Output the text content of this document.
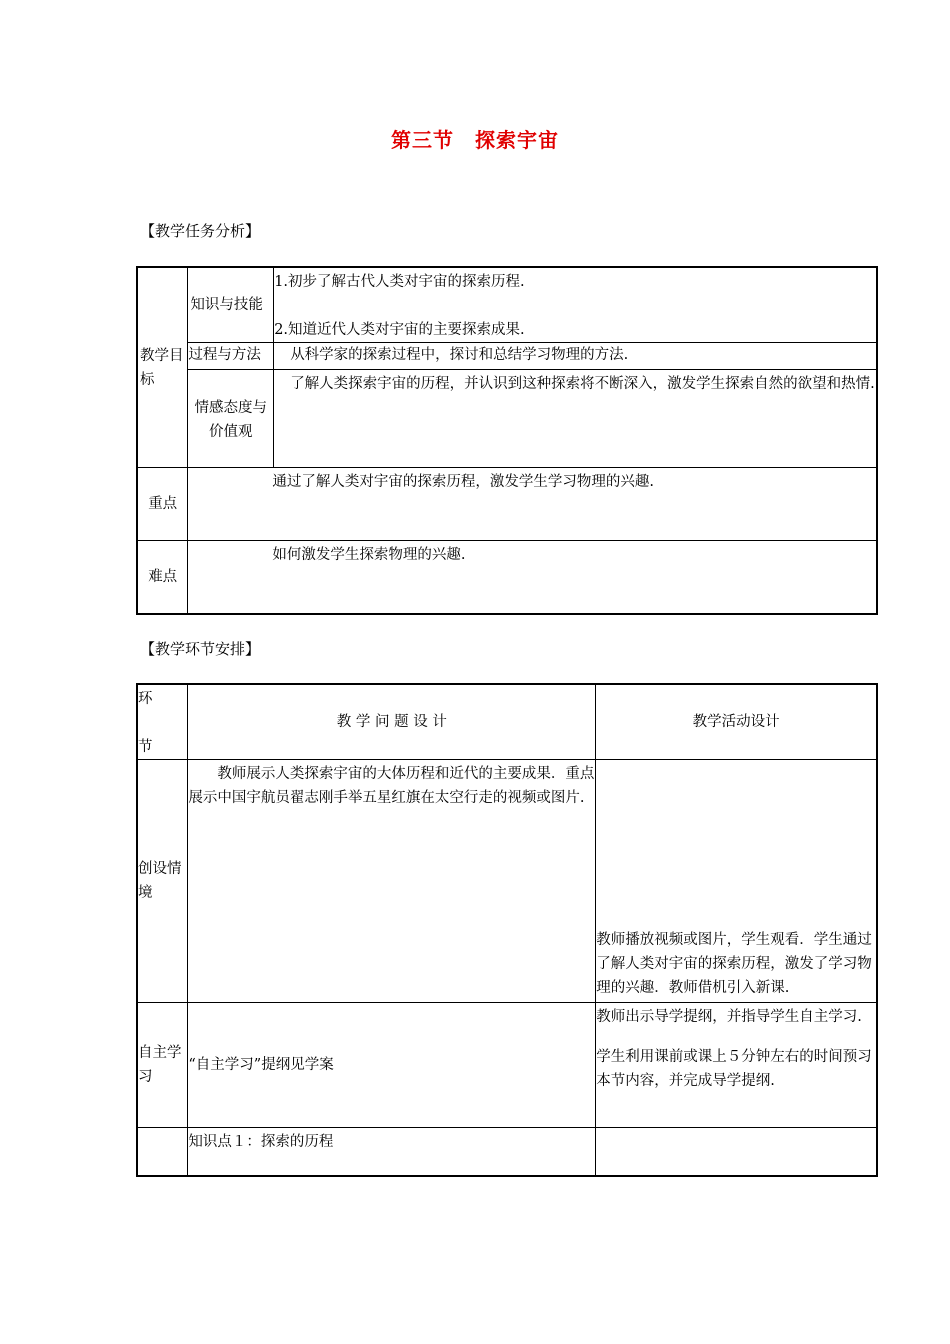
第三节　探索宇宙
【教学任务分析】
教学目标	知识与技能	1.初步了解古代人类对宇宙的探索历程.

2.知道近代人类对宇宙的主要探索成果.

	过程与方法	从科学家的探索过程中，探讨和总结学习物理的方法.

	情感态度与价值观	了解人类探索宇宙的历程，并认识到这种探索将不断深入，激发学生探索自然的欲望和热情.

重点	通过了解人类对宇宙的探索历程，激发学生学习物理的兴趣.	

难点	如何激发学生探索物理的兴趣.	
【教学环节安排】
环
节	教 学 问 题 设 计	教学活动设计

创设情境	教师展示人类探索宇宙的大体历程和近代的主要成果．重点展示中国宇航员翟志刚手举五星红旗在太空行走的视频或图片.	教师播放视频或图片，学生观看．学生通过了解人类对宇宙的探索历程，激发了学习物理的兴趣．教师借机引入新课.

自主学习	“自主学习”提纲见学案	教师出示导学提纲，并指导学生自主学习.
学生利用课前或课上５分钟左右的时间预习本节内容，并完成导学提纲.

	知识点１：探索的历程	
